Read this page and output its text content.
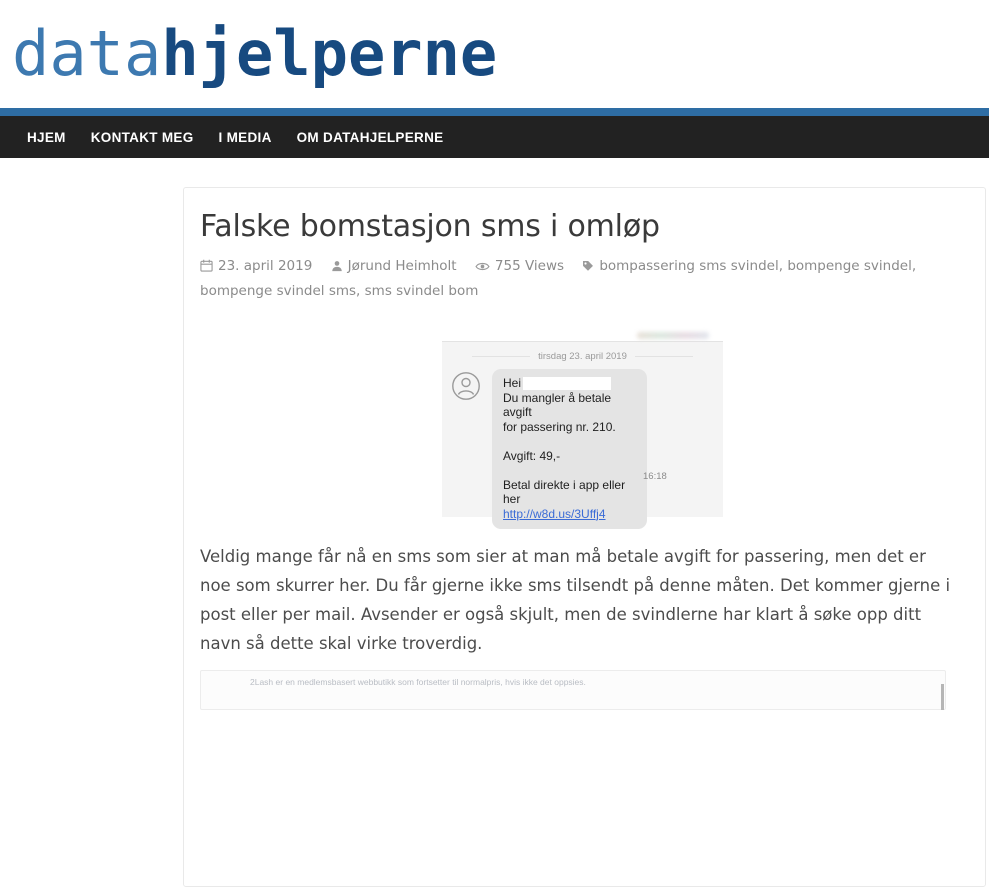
datahjelperne
HJEM KONTAKT MEG I MEDIA OM DATAHJELPERNE
Falske bomstasjon sms i omløp
23. april 2019	Jørund Heimholt	755 Views	bompassering sms svindel , bompenge svindel , bompenge svindel sms , sms svindel bom
tirsdag 23. april 2019
Hei
Du mangler å betale avgift
for passering nr. 210.
Avgift: 49,-
Betal direkte i app eller her
http://w8d.us/3Uffj4
16:18

Veldig mange får nå en sms som sier at man må betale avgift for passering, men det er noe som skurrer her. Du får gjerne ikke sms tilsendt på denne måten. Det kommer gjerne i post eller per mail. Avsender er også skjult, men de svindlerne har klart å søke opp ditt navn så dette skal virke troverdig.

2Lash er en medlemsbasert webbutikk som fortsetter til normalpris, hvis ikke det oppsies.
